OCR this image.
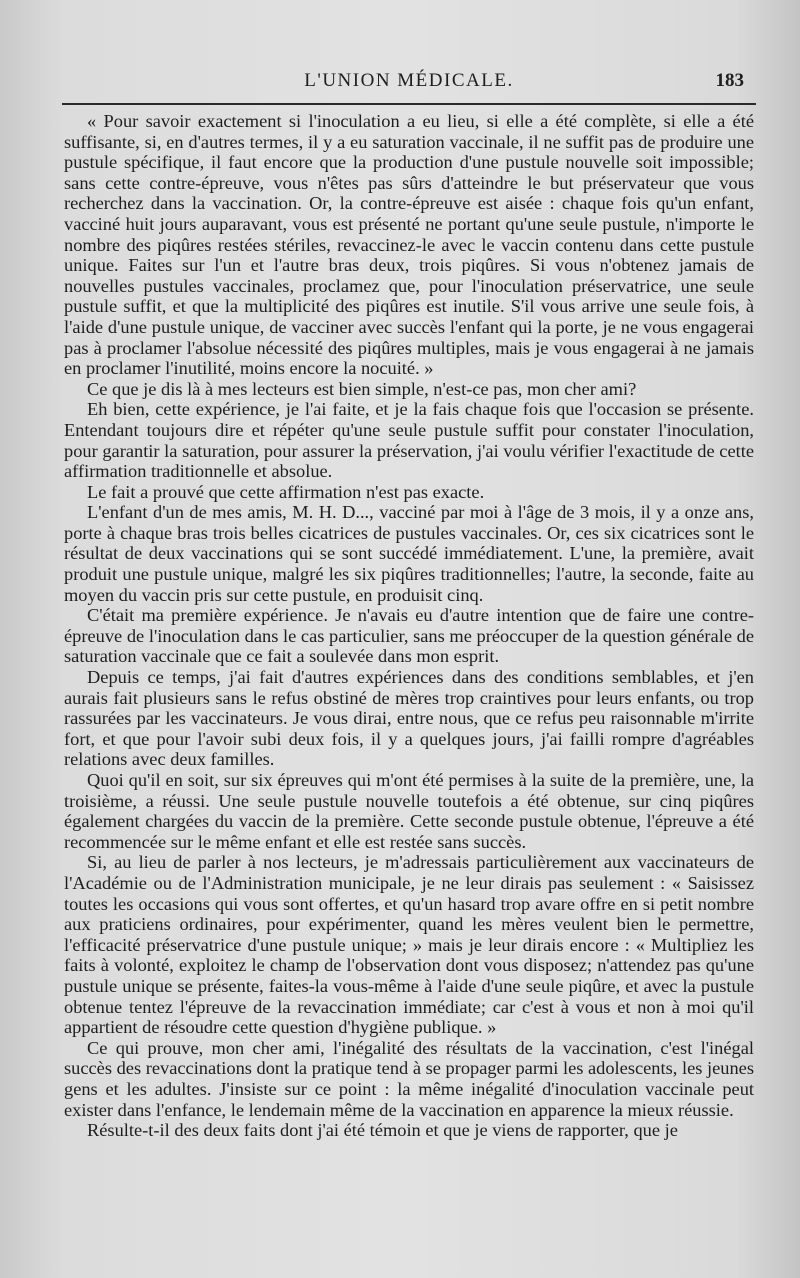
L'UNION MÉDICALE.	183

« Pour savoir exactement si l'inoculation a eu lieu, si elle a été complète, si elle a été suffisante, si, en d'autres termes, il y a eu saturation vaccinale, il ne suffit pas de produire une pustule spécifique, il faut encore que la production d'une pustule nouvelle soit impossible; sans cette contre-épreuve, vous n'êtes pas sûrs d'atteindre le but préservateur que vous recherchez dans la vaccination. Or, la contre-épreuve est aisée : chaque fois qu'un enfant, vacciné huit jours auparavant, vous est présenté ne portant qu'une seule pustule, n'importe le nombre des piqûres restées stériles, revaccinez-le avec le vaccin contenu dans cette pustule unique. Faites sur l'un et l'autre bras deux, trois piqûres. Si vous n'obtenez jamais de nouvelles pustules vaccinales, proclamez que, pour l'inoculation préservatrice, une seule pustule suffit, et que la multiplicité des piqûres est inutile. S'il vous arrive une seule fois, à l'aide d'une pustule unique, de vacciner avec succès l'enfant qui la porte, je ne vous engagerai pas à proclamer l'absolue nécessité des piqûres multiples, mais je vous engagerai à ne jamais en proclamer l'inutilité, moins encore la nocuité. »

Ce que je dis là à mes lecteurs est bien simple, n'est-ce pas, mon cher ami?

Eh bien, cette expérience, je l'ai faite, et je la fais chaque fois que l'occasion se présente. Entendant toujours dire et répéter qu'une seule pustule suffit pour constater l'inoculation, pour garantir la saturation, pour assurer la préservation, j'ai voulu vérifier l'exactitude de cette affirmation traditionnelle et absolue.

Le fait a prouvé que cette affirmation n'est pas exacte.

L'enfant d'un de mes amis, M. H. D..., vacciné par moi à l'âge de 3 mois, il y a onze ans, porte à chaque bras trois belles cicatrices de pustules vaccinales. Or, ces six cicatrices sont le résultat de deux vaccinations qui se sont succédé immédiatement. L'une, la première, avait produit une pustule unique, malgré les six piqûres traditionnelles; l'autre, la seconde, faite au moyen du vaccin pris sur cette pustule, en produisit cinq.

C'était ma première expérience. Je n'avais eu d'autre intention que de faire une contre-épreuve de l'inoculation dans le cas particulier, sans me préoccuper de la question générale de saturation vaccinale que ce fait a soulevée dans mon esprit.

Depuis ce temps, j'ai fait d'autres expériences dans des conditions semblables, et j'en aurais fait plusieurs sans le refus obstiné de mères trop craintives pour leurs enfants, ou trop rassurées par les vaccinateurs. Je vous dirai, entre nous, que ce refus peu raisonnable m'irrite fort, et que pour l'avoir subi deux fois, il y a quelques jours, j'ai failli rompre d'agréables relations avec deux familles.

Quoi qu'il en soit, sur six épreuves qui m'ont été permises à la suite de la première, une, la troisième, a réussi. Une seule pustule nouvelle toutefois a été obtenue, sur cinq piqûres également chargées du vaccin de la première. Cette seconde pustule obtenue, l'épreuve a été recommencée sur le même enfant et elle est restée sans succès.

Si, au lieu de parler à nos lecteurs, je m'adressais particulièrement aux vaccinateurs de l'Académie ou de l'Administration municipale, je ne leur dirais pas seulement : « Saisissez toutes les occasions qui vous sont offertes, et qu'un hasard trop avare offre en si petit nombre aux praticiens ordinaires, pour expérimenter, quand les mères veulent bien le permettre, l'efficacité préservatrice d'une pustule unique; » mais je leur dirais encore : « Multipliez les faits à volonté, exploitez le champ de l'observation dont vous disposez; n'attendez pas qu'une pustule unique se présente, faites-la vous-même à l'aide d'une seule piqûre, et avec la pustule obtenue tentez l'épreuve de la revaccination immédiate; car c'est à vous et non à moi qu'il appartient de résoudre cette question d'hygiène publique. »

Ce qui prouve, mon cher ami, l'inégalité des résultats de la vaccination, c'est l'inégal succès des revaccinations dont la pratique tend à se propager parmi les adolescents, les jeunes gens et les adultes. J'insiste sur ce point : la même inégalité d'inoculation vaccinale peut exister dans l'enfance, le lendemain même de la vaccination en apparence la mieux réussie.

Résulte-t-il des deux faits dont j'ai été témoin et que je viens de rapporter, que je
